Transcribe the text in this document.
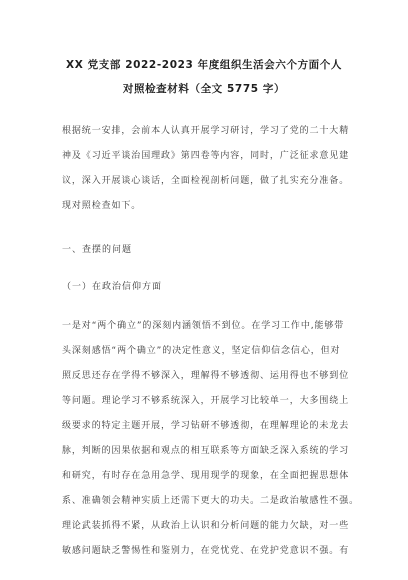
XX 党支部 2022-2023 年度组织生活会六个方面个人
对照检查材料（全文 5775 字）
根据统一安排，会前本人认真开展学习研讨，学习了党的二十大精
神及《习近平谈治国理政》第四卷等内容，同时，广泛征求意见建
议，深入开展谈心谈话，全面检视剖析问题，做了扎实充分准备。
现对照检查如下。
一、查摆的问题
（一）在政治信仰方面
一是对“两个确立”的深刻内涵领悟不到位。在学习工作中,能够带
头深刻感悟“两个确立”的决定性意义，坚定信仰信念信心，但对
照反思还存在学得不够深入，理解得不够透彻、运用得也不够到位
等问题。理论学习不够系统深入，开展学习比较单一，大多围绕上
级要求的特定主题开展，学习钻研不够透彻，在理解理论的未龙去
脉，判断的因果依据和观点的相互联系等方面缺乏深入系统的学习
和研究，有时存在急用急学、现用现学的现象，在全面把握思想体
系、准确领会精神实质上还需下更大的功夫。二是政治敏感性不强。
理论武装抓得不紧，从政治上认识和分析问题的能力欠缺，对一些
敏感问题缺乏警惕性和鉴别力，在党忧党、在党护党意识不强。有
